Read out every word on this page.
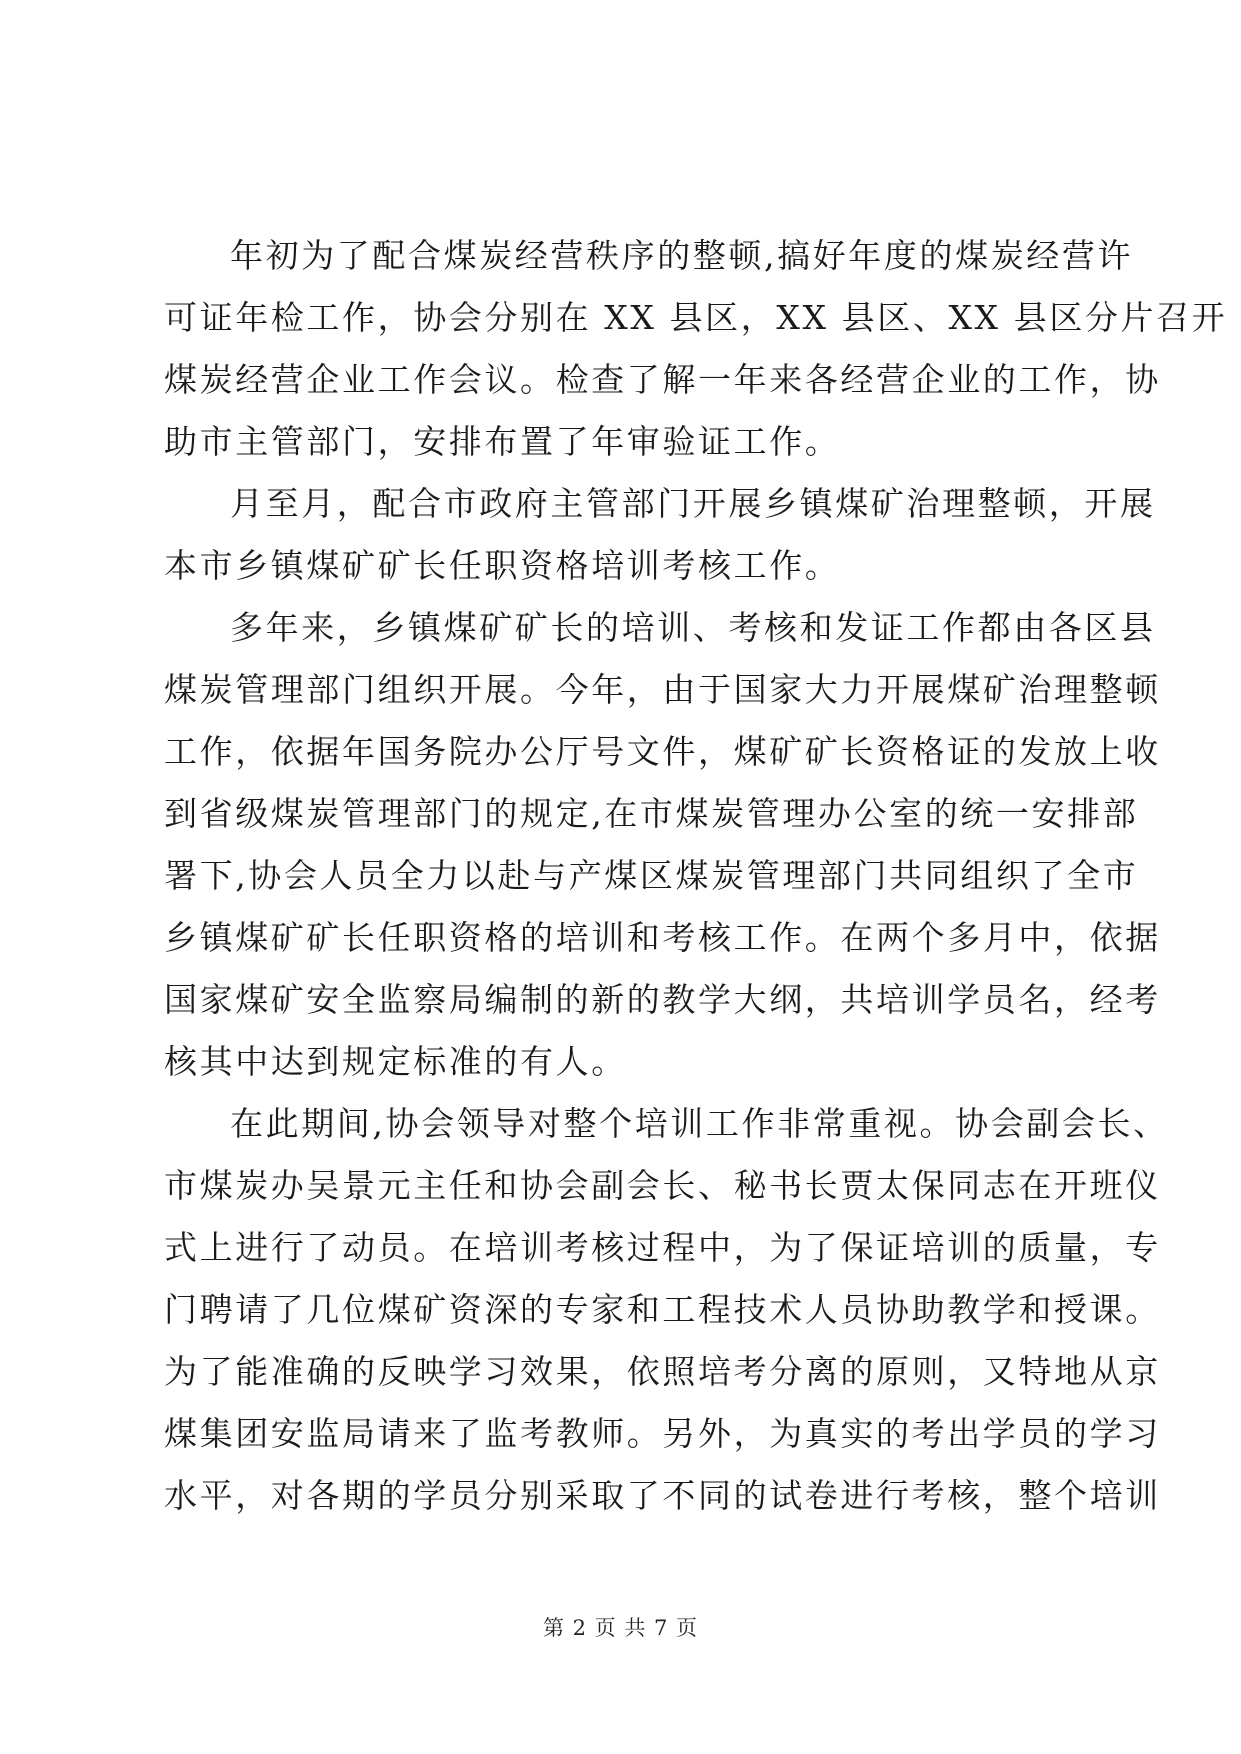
年初为了配合煤炭经营秩序的整顿,搞好年度的煤炭经营许
可证年检工作，协会分别在 XX 县区，XX 县区、XX 县区分片召开
煤炭经营企业工作会议。检查了解一年来各经营企业的工作，协
助市主管部门，安排布置了年审验证工作。
月至月，配合市政府主管部门开展乡镇煤矿治理整顿，开展
本市乡镇煤矿矿长任职资格培训考核工作。
多年来，乡镇煤矿矿长的培训、考核和发证工作都由各区县
煤炭管理部门组织开展。今年，由于国家大力开展煤矿治理整顿
工作，依据年国务院办公厅号文件，煤矿矿长资格证的发放上收
到省级煤炭管理部门的规定,在市煤炭管理办公室的统一安排部
署下,协会人员全力以赴与产煤区煤炭管理部门共同组织了全市
乡镇煤矿矿长任职资格的培训和考核工作。在两个多月中，依据
国家煤矿安全监察局编制的新的教学大纲，共培训学员名，经考
核其中达到规定标准的有人。
在此期间,协会领导对整个培训工作非常重视。协会副会长、
市煤炭办吴景元主任和协会副会长、秘书长贾太保同志在开班仪
式上进行了动员。在培训考核过程中，为了保证培训的质量，专
门聘请了几位煤矿资深的专家和工程技术人员协助教学和授课。
为了能准确的反映学习效果，依照培考分离的原则，又特地从京
煤集团安监局请来了监考教师。另外，为真实的考出学员的学习
水平，对各期的学员分别采取了不同的试卷进行考核，整个培训
第 2 页 共 7 页
